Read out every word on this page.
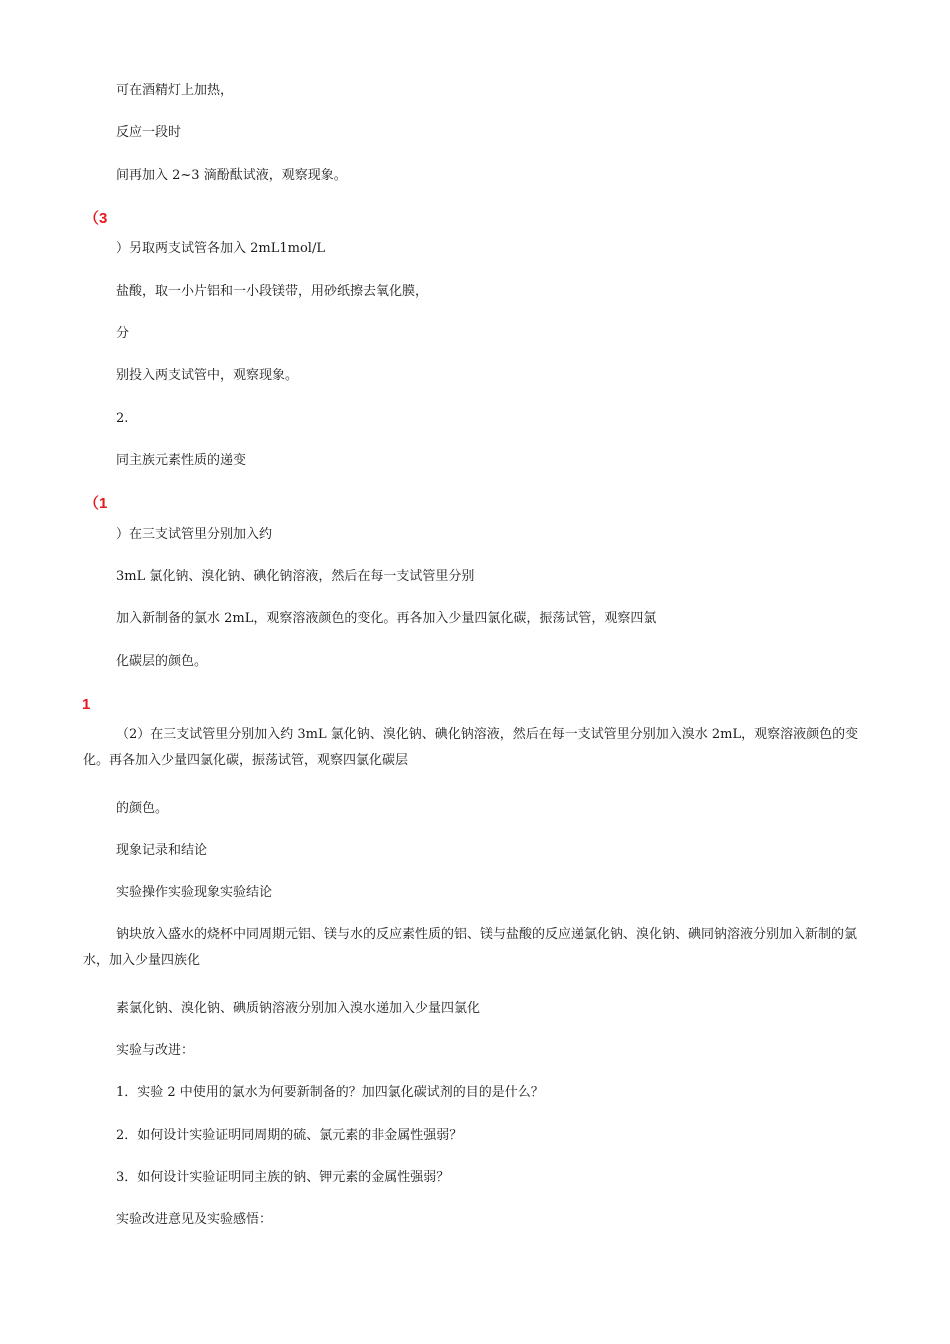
可在酒精灯上加热，
反应一段时
间再加入 2~3 滴酚酞试液，观察现象。
（3
）另取两支试管各加入 2mL1mol/L
盐酸，取一小片铝和一小段镁带，用砂纸擦去氧化膜，
分
别投入两支试管中，观察现象。
2.
同主族元素性质的递变
（1
）在三支试管里分别加入约
3mL 氯化钠、溴化钠、碘化钠溶液，然后在每一支试管里分别
加入新制备的氯水 2mL，观察溶液颜色的变化。再各加入少量四氯化碳，振荡试管，观察四氯
化碳层的颜色。
1
（2）在三支试管里分别加入约 3mL 氯化钠、溴化钠、碘化钠溶液，然后在每一支试管里分别加入溴水 2mL，观察溶液颜色的变化。再各加入少量四氯化碳，振荡试管，观察四氯化碳层
的颜色。
现象记录和结论
实验操作实验现象实验结论
钠块放入盛水的烧杯中同周期元铝、镁与水的反应素性质的铝、镁与盐酸的反应递氯化钠、溴化钠、碘同钠溶液分别加入新制的氯水，加入少量四族化
素氯化钠、溴化钠、碘质钠溶液分别加入溴水递加入少量四氯化
实验与改进：
1．实验 2 中使用的氯水为何要新制备的？加四氯化碳试剂的目的是什么？
2．如何设计实验证明同周期的硫、氯元素的非金属性强弱？
3．如何设计实验证明同主族的钠、钾元素的金属性强弱？
实验改进意见及实验感悟：
